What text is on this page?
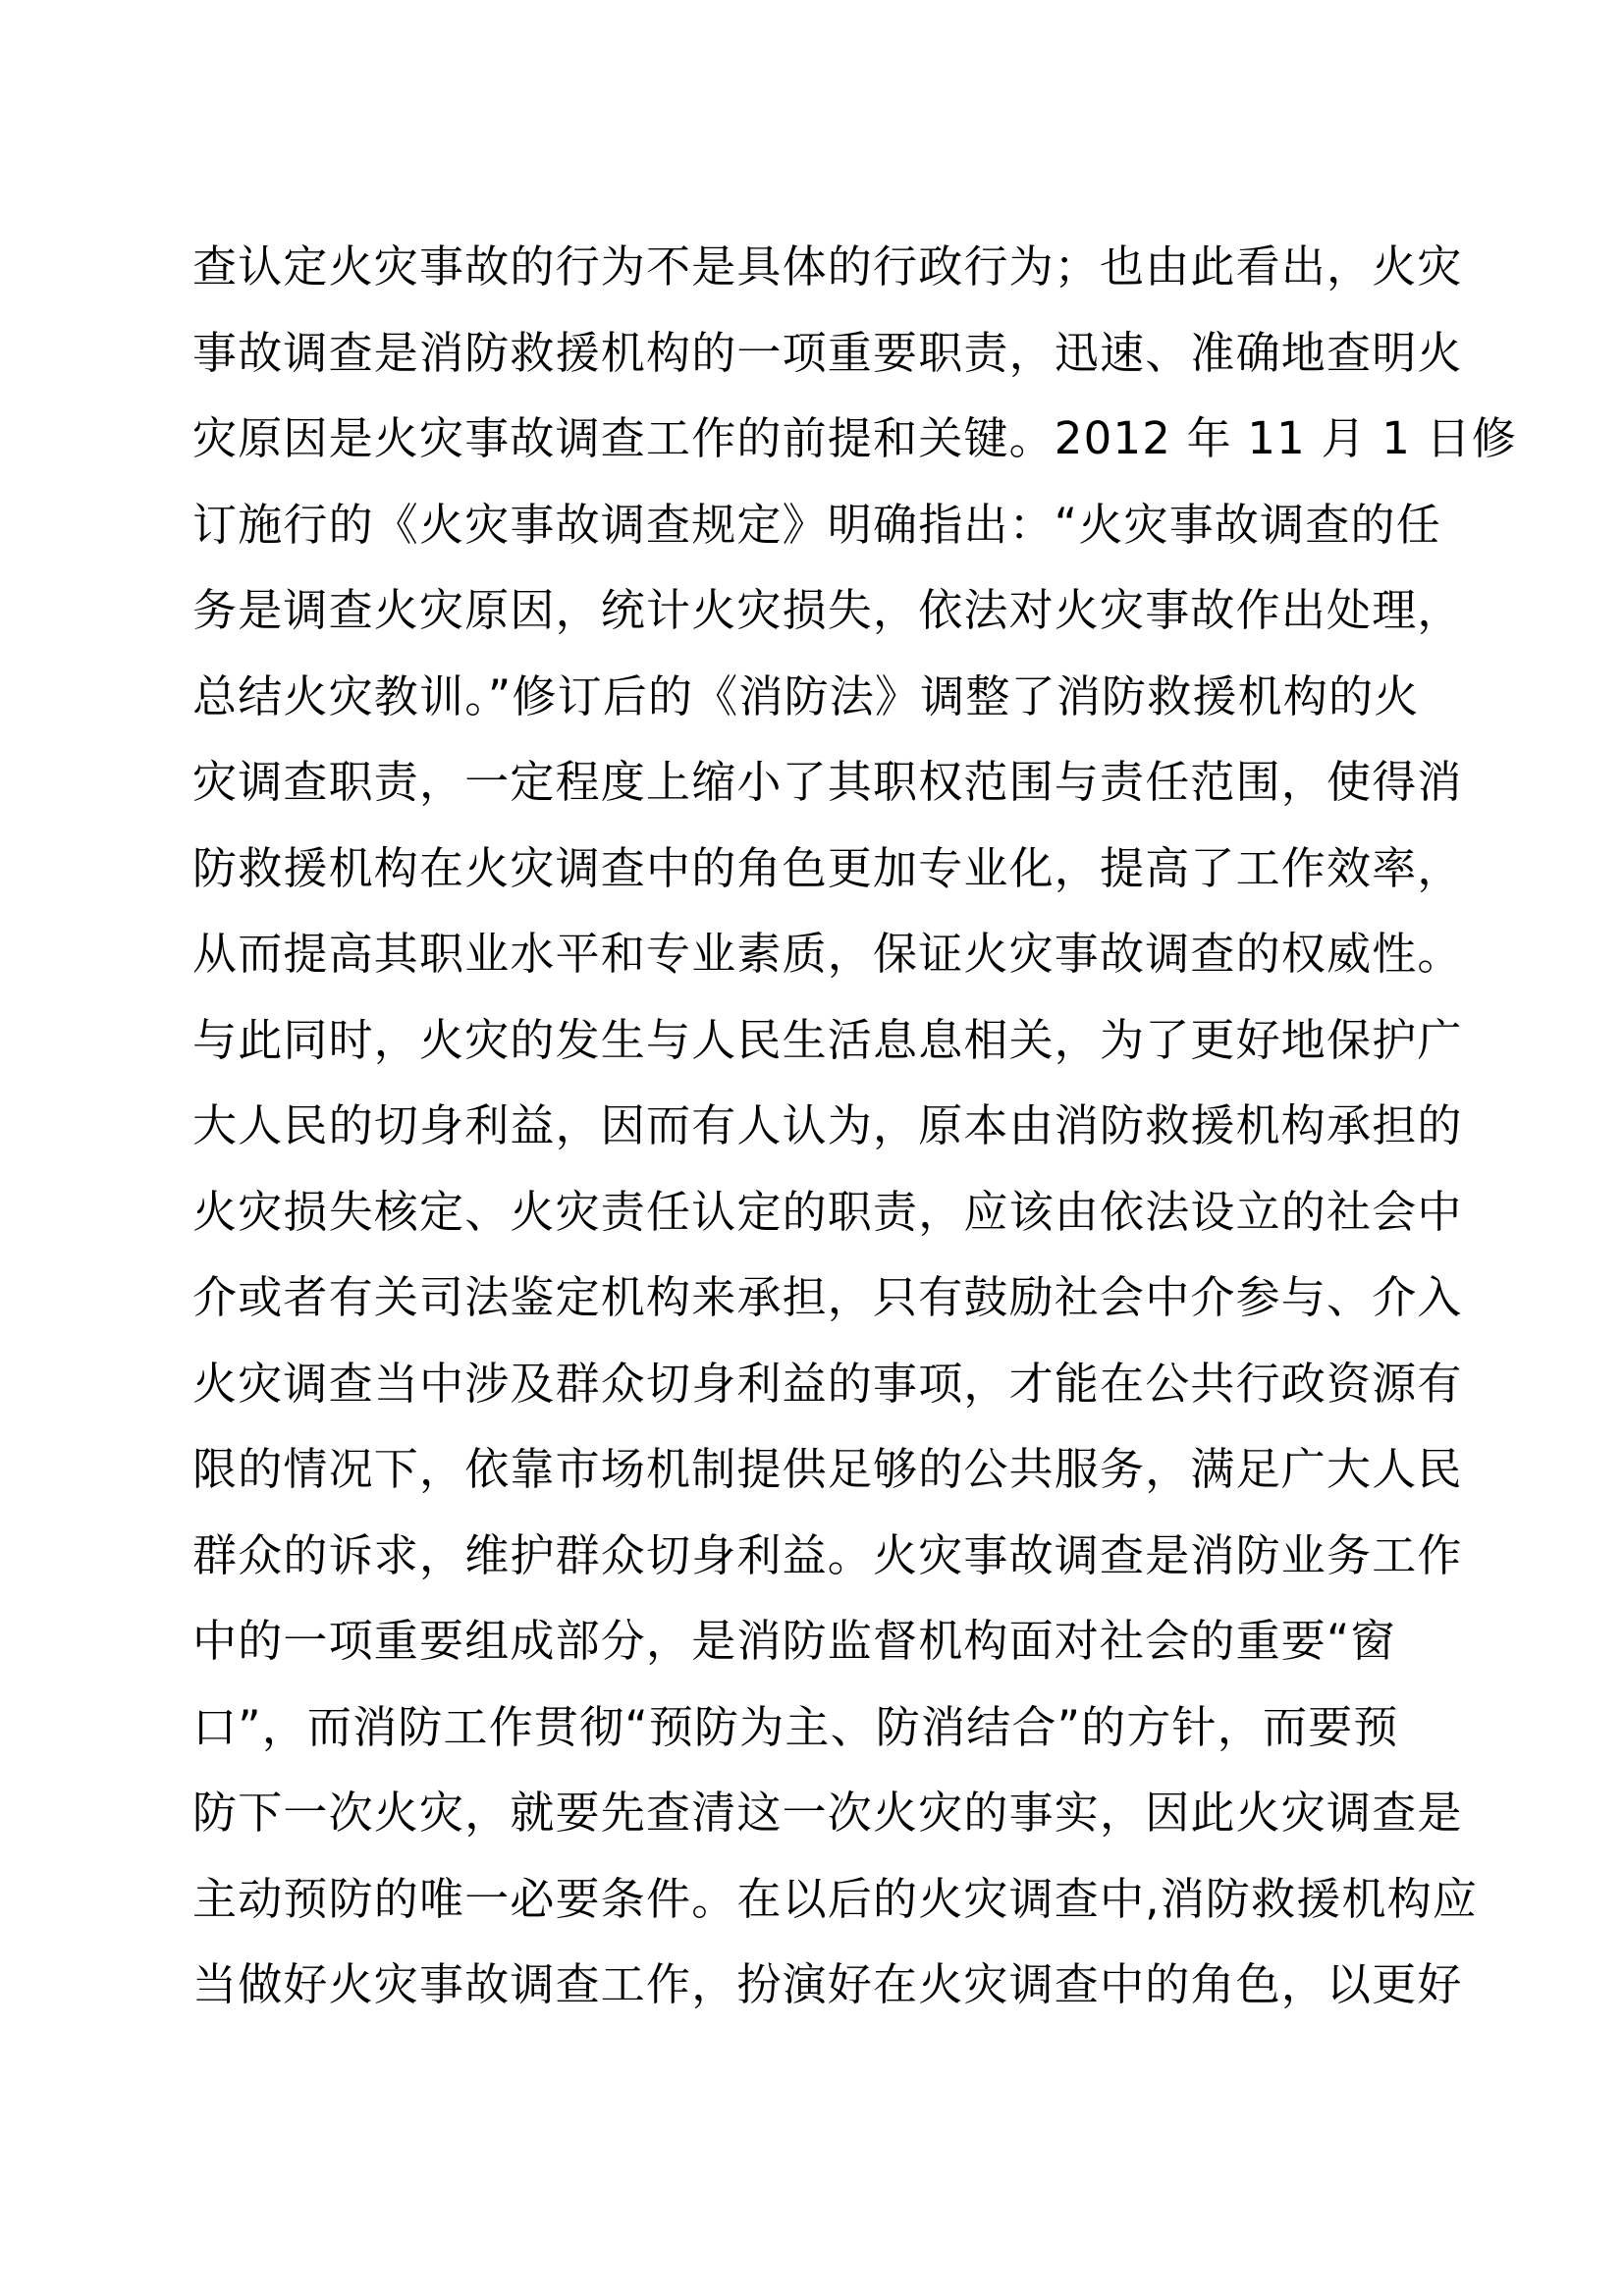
查认定火灾事故的行为不是具体的行政行为；也由此看出，火灾
事故调查是消防救援机构的一项重要职责，迅速、准确地查明火
灾原因是火灾事故调查工作的前提和关键。2012 年 11 月 1 日修
订施行的《火灾事故调查规定》明确指出：“火灾事故调查的任
务是调查火灾原因，统计火灾损失，依法对火灾事故作出处理，
总结火灾教训。”修订后的《消防法》调整了消防救援机构的火
灾调查职责，一定程度上缩小了其职权范围与责任范围，使得消
防救援机构在火灾调查中的角色更加专业化，提高了工作效率，
从而提高其职业水平和专业素质，保证火灾事故调查的权威性。
与此同时，火灾的发生与人民生活息息相关，为了更好地保护广
大人民的切身利益，因而有人认为，原本由消防救援机构承担的
火灾损失核定、火灾责任认定的职责，应该由依法设立的社会中
介或者有关司法鉴定机构来承担，只有鼓励社会中介参与、介入
火灾调查当中涉及群众切身利益的事项，才能在公共行政资源有
限的情况下，依靠市场机制提供足够的公共服务，满足广大人民
群众的诉求，维护群众切身利益。火灾事故调查是消防业务工作
中的一项重要组成部分，是消防监督机构面对社会的重要“窗
口”，而消防工作贯彻“预防为主、防消结合”的方针，而要预
防下一次火灾，就要先查清这一次火灾的事实，因此火灾调查是
主动预防的唯一必要条件。在以后的火灾调查中,消防救援机构应
当做好火灾事故调查工作，扮演好在火灾调查中的角色，以更好
